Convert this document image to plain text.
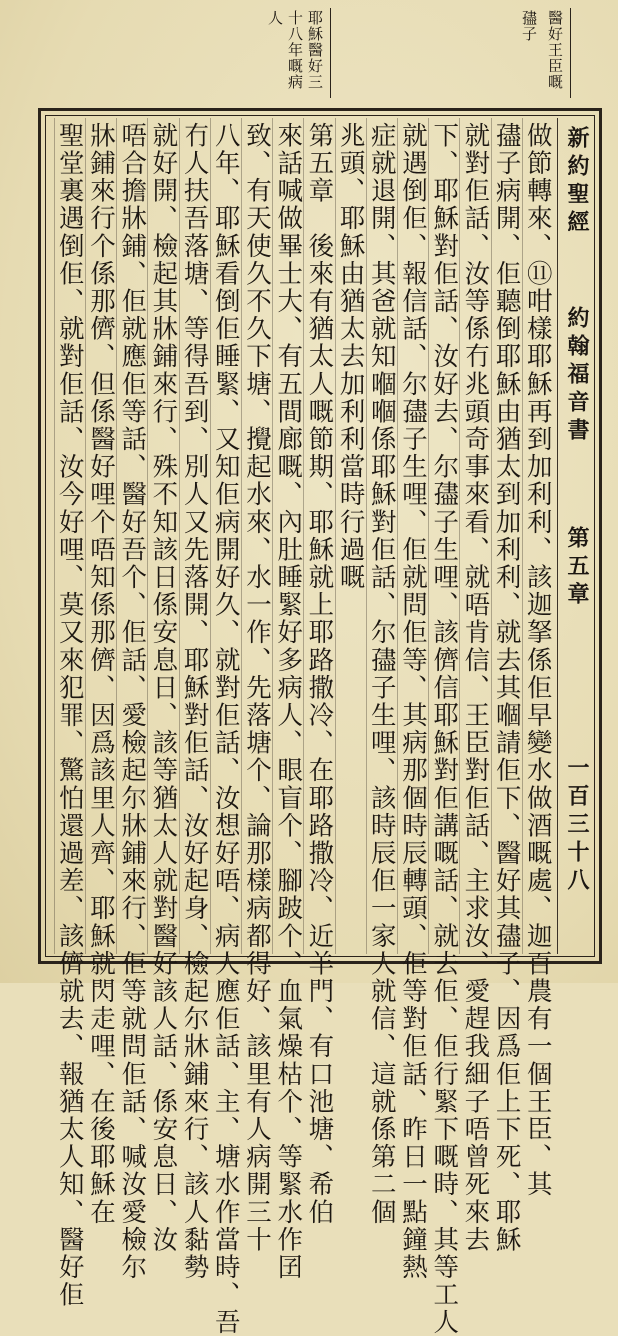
醫好王臣嘅
孻子
耶穌醫好三
十八年嘅病
人
新約聖經
約翰福音書
第五章
一百三十八
做節轉來、⑪咁樣耶穌再到加利利、該迦拏係佢早變水做酒嘅處、迦百農有一個王臣、其
孻子病開、佢聽倒耶穌由猶太到加利利、就去其嗰請佢下、醫好其孻子、因爲佢上下死、耶穌
就對佢話、汝等係冇兆頭奇事來看、就唔肯信、王臣對佢話、主求汝、愛趕我細子唔曾死來去
下、耶穌對佢話、汝好去、尔孻子生哩、該儕信耶穌對佢講嘅話、就去佢、佢行緊下嘅時、其等工人
就遇倒佢、報信話、尔孻子生哩、佢就問佢等、其病那個時辰轉頭、佢等對佢話、昨日一點鐘熱
症就退開、其爸就知嗰嗰係耶穌對佢話、尔孻子生哩、該時辰佢一家人就信、這就係第二個
兆頭、耶穌由猶太去加利利當時行過嘅
第五章　後來有猶太人嘅節期、耶穌就上耶路撒冷、在耶路撒冷、近羊門、有口池塘、希伯
來話喊做畢士大、有五間廊嘅、內肚睡緊好多病人、眼盲个、腳跛个、血氣燥枯个、等緊水作囝
致、有天使久不久下塘、攪起水來、水一作、先落塘个、論那樣病都得好、該里有人病開三十
八年、耶穌看倒佢睡緊、又知佢病開好久、就對佢話、汝想好唔、病人應佢話、主、塘水作當時、吾
冇人扶吾落塘、等得吾到、別人又先落開、耶穌對佢話、汝好起身、檢起尔牀鋪來行、該人黏勢
就好開、檢起其牀鋪來行、殊不知該日係安息日、該等猶太人就對醫好該人話、係安息日、汝
唔合擔牀鋪、佢就應佢等話、醫好吾个、佢話、愛檢起尔牀鋪來行、佢等就問佢話、喊汝愛檢尔
牀鋪來行个係那儕、但係醫好哩个唔知係那儕、因爲該里人齊、耶穌就閃走哩、在後耶穌在
聖堂裏遇倒佢、就對佢話、汝今好哩、莫又來犯罪、驚怕還過差、該儕就去、報猶太人知、醫好佢
